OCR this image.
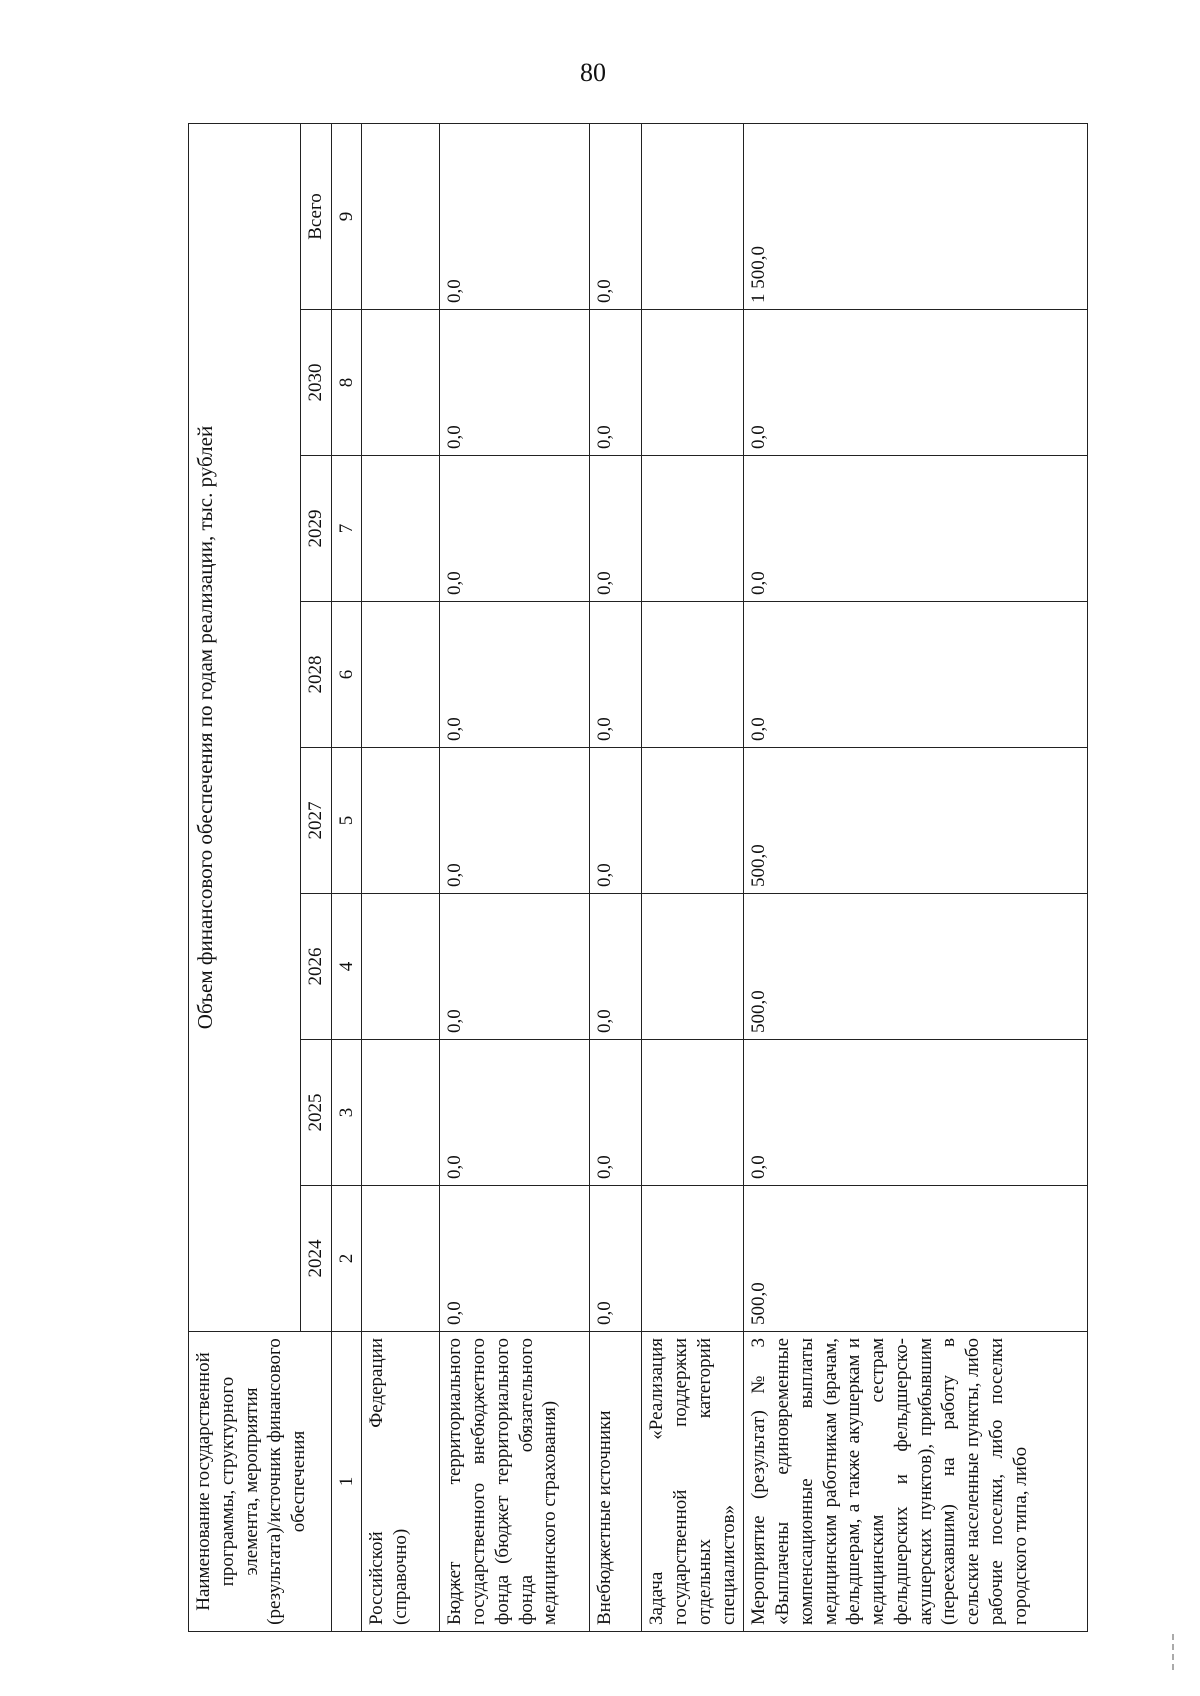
80
Наименование государственной программы, структурного элемента, мероприятия (результата)/источник финансового обеспечения	Объем финансового обеспечения по годам реализации, тыс. рублей							
	2024	2025	2026	2027	2028	2029	2030	Всего
1	2	3	4	5	6	7	8	9
Российской Федерации (справочно)								
Бюджет территориального государственного внебюджетного фонда (бюджет территориального фонда обязательного медицинского страхования)	0,0	0,0	0,0	0,0	0,0	0,0	0,0	0,0
Внебюджетные источники	0,0	0,0	0,0	0,0	0,0	0,0	0,0	0,0
Задача «Реализация государственной поддержки отдельных категорий специалистов»								
Мероприятие (результат) № 3 «Выплачены единовременные компенсационные выплаты медицинским работникам (врачам, фельдшерам, а также акушеркам и медицинским сестрам фельдшерских и фельдшерско-акушерских пунктов), прибывшим (переехавшим) на работу в сельские населенные пункты, либо рабочие поселки, либо поселки городского типа, либо	500,0	0,0	500,0	500,0	0,0	0,0	0,0	1 500,0
